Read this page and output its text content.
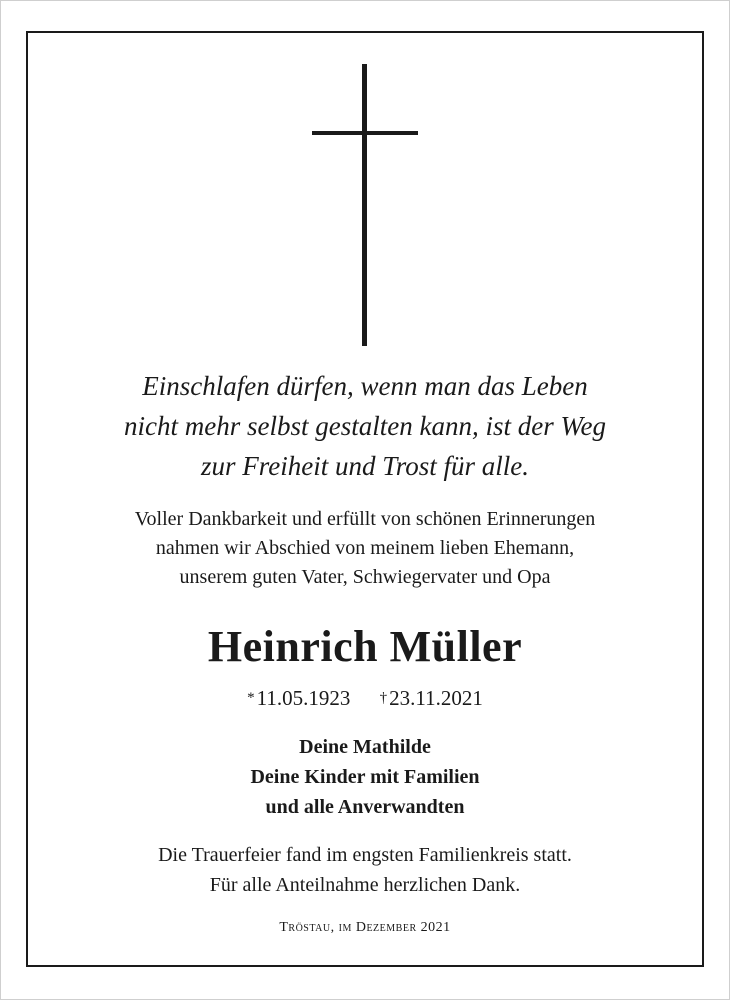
Einschlafen dürfen, wenn man das Leben
nicht mehr selbst gestalten kann, ist der Weg
zur Freiheit und Trost für alle.
Voller Dankbarkeit und erfüllt von schönen Erinnerungen
nahmen wir Abschied von meinem lieben Ehemann,
unserem guten Vater, Schwiegervater und Opa
Heinrich Müller
*11.05.1923 †23.11.2021
Deine Mathilde
Deine Kinder mit Familien
und alle Anverwandten
Die Trauerfeier fand im engsten Familienkreis statt.
Für alle Anteilnahme herzlichen Dank.
Tröstau, im Dezember 2021
